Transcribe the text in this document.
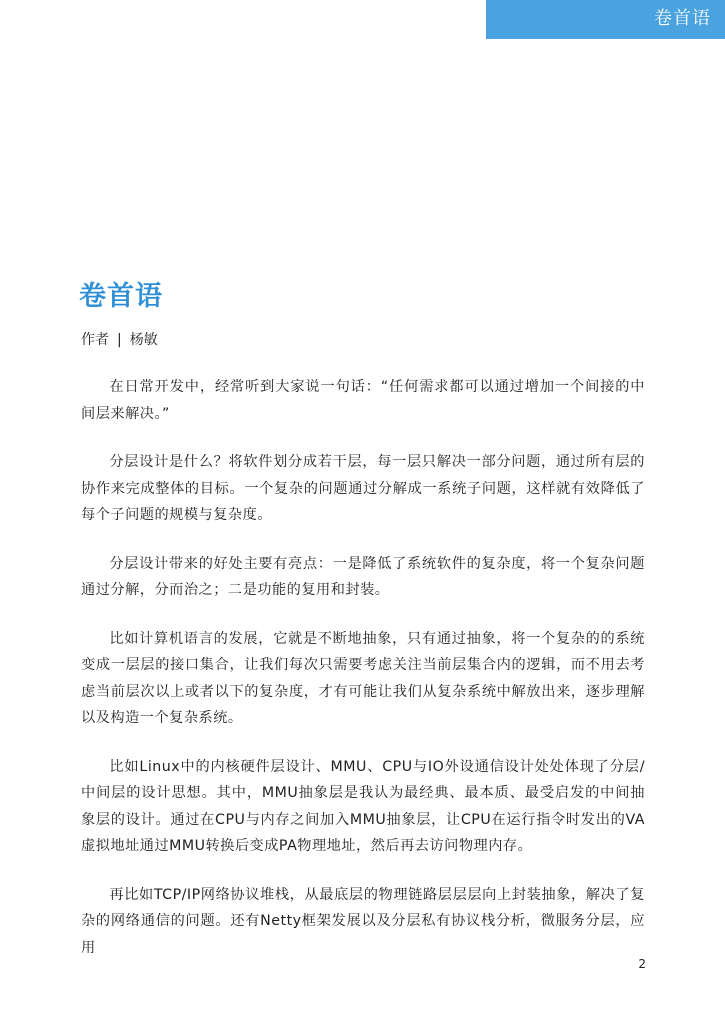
卷首语
卷首语
作者 | 杨敏

在日常开发中，经常听到大家说一句话：“任何需求都可以通过增加一个间接的中间层来解决。”

分层设计是什么？将软件划分成若干层，每一层只解决一部分问题，通过所有层的协作来完成整体的目标。一个复杂的问题通过分解成一系统子问题，这样就有效降低了每个子问题的规模与复杂度。

分层设计带来的好处主要有亮点：一是降低了系统软件的复杂度，将一个复杂问题通过分解，分而治之；二是功能的复用和封装。

比如计算机语言的发展，它就是不断地抽象，只有通过抽象，将一个复杂的的系统变成一层层的接口集合，让我们每次只需要考虑关注当前层集合内的逻辑，而不用去考虑当前层次以上或者以下的复杂度，才有可能让我们从复杂系统中解放出来，逐步理解以及构造一个复杂系统。

比如Linux中的内核硬件层设计、MMU、CPU与IO外设通信设计处处体现了分层/中间层的设计思想。其中，MMU抽象层是我认为最经典、最本质、最受启发的中间抽象层的设计。通过在CPU与内存之间加入MMU抽象层，让CPU在运行指令时发出的VA虚拟地址通过MMU转换后变成PA物理地址，然后再去访问物理内存。

再比如TCP/IP网络协议堆栈，从最底层的物理链路层层层向上封装抽象，解决了复杂的网络通信的问题。还有Netty框架发展以及分层私有协议栈分析，微服务分层，应用

2
